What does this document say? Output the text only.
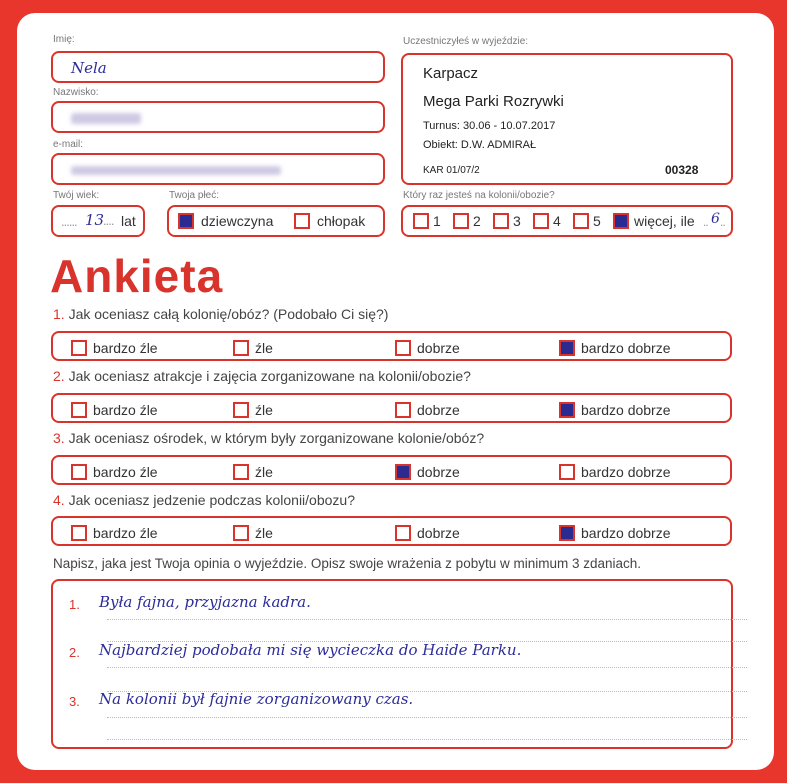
Imię:
Nela
Nazwisko:
e-mail:
Twój wiek:
...... 13
.... lat
Twoja płeć:
dziewczyna	chłopak
Uczestniczyłeś w wyjeździe:
Karpacz
Mega Parki Rozrywki
Turnus: 30.06 - 10.07.2017
Obiekt: D.W. ADMIRAŁ
KAR 01/07/2	00328
Który raz jesteś na kolonii/obozie?
1 2 3 4 5 więcej, ile .. 6 ..
Ankieta
1. Jak oceniasz całą kolonię/obóz? (Podobało Ci się?)
bardzo źle	źle	dobrze	bardzo dobrze
2. Jak oceniasz atrakcje i zajęcia zorganizowane na kolonii/obozie?
bardzo źle	źle	dobrze	bardzo dobrze
3. Jak oceniasz ośrodek, w którym były zorganizowane kolonie/obóz?
bardzo źle	źle	dobrze	bardzo dobrze
4. Jak oceniasz jedzenie podczas kolonii/obozu?
bardzo źle	źle	dobrze	bardzo dobrze
Napisz, jaka jest Twoja opinia o wyjeździe. Opisz swoje wrażenia z pobytu w minimum 3 zdaniach.
1. Była fajna, przyjazna kadra.
2. Najbardziej podobała mi się wycieczka do Haide Parku.
3. Na kolonii był fajnie zorganizowany czas.
